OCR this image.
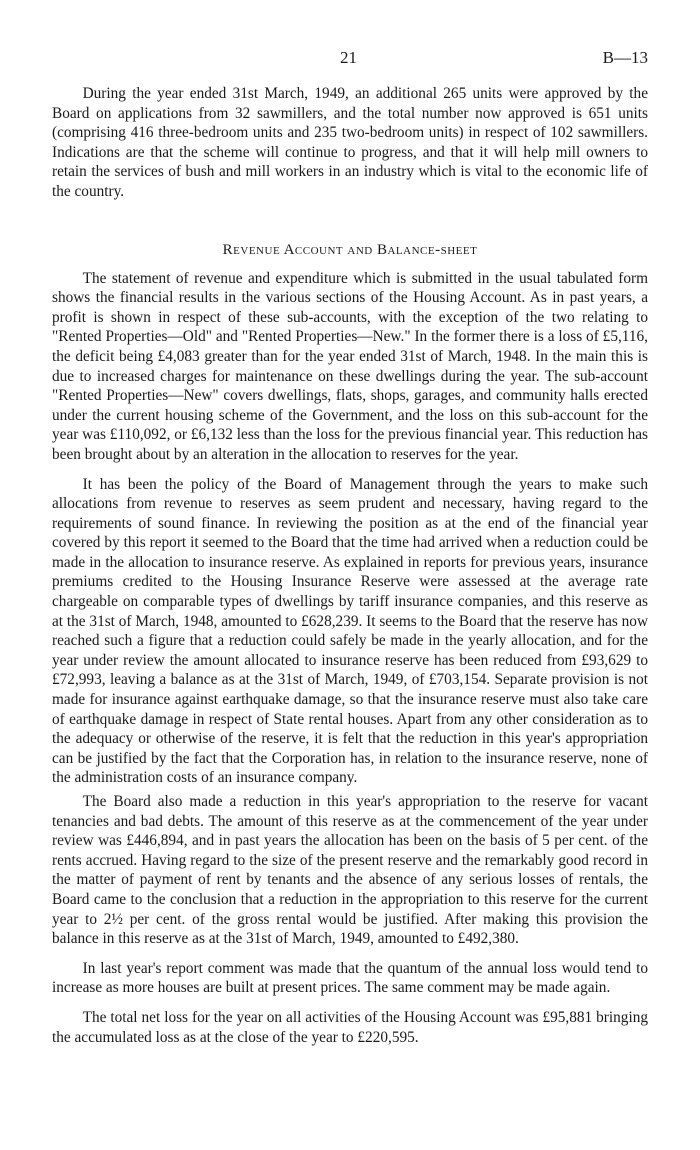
21	B—13

During the year ended 31st March, 1949, an additional 265 units were approved by the Board on applications from 32 sawmillers, and the total number now approved is 651 units (comprising 416 three-bedroom units and 235 two-bedroom units) in respect of 102 sawmillers. Indications are that the scheme will continue to progress, and that it will help mill owners to retain the services of bush and mill workers in an industry which is vital to the economic life of the country.

Revenue Account and Balance-sheet

The statement of revenue and expenditure which is submitted in the usual tabulated form shows the financial results in the various sections of the Housing Account. As in past years, a profit is shown in respect of these sub-accounts, with the exception of the two relating to "Rented Properties—Old" and "Rented Properties—New." In the former there is a loss of £5,116, the deficit being £4,083 greater than for the year ended 31st of March, 1948. In the main this is due to increased charges for maintenance on these dwellings during the year. The sub-account "Rented Properties—New" covers dwellings, flats, shops, garages, and community halls erected under the current housing scheme of the Government, and the loss on this sub-account for the year was £110,092, or £6,132 less than the loss for the previous financial year. This reduction has been brought about by an alteration in the allocation to reserves for the year.

It has been the policy of the Board of Management through the years to make such allocations from revenue to reserves as seem prudent and necessary, having regard to the requirements of sound finance. In reviewing the position as at the end of the financial year covered by this report it seemed to the Board that the time had arrived when a reduction could be made in the allocation to insurance reserve. As explained in reports for previous years, insurance premiums credited to the Housing Insurance Reserve were assessed at the average rate chargeable on comparable types of dwellings by tariff insurance companies, and this reserve as at the 31st of March, 1948, amounted to £628,239. It seems to the Board that the reserve has now reached such a figure that a reduction could safely be made in the yearly allocation, and for the year under review the amount allocated to insurance reserve has been reduced from £93,629 to £72,993, leaving a balance as at the 31st of March, 1949, of £703,154. Separate provision is not made for insurance against earthquake damage, so that the insurance reserve must also take care of earthquake damage in respect of State rental houses. Apart from any other consideration as to the adequacy or otherwise of the reserve, it is felt that the reduction in this year's appropriation can be justified by the fact that the Corporation has, in relation to the insurance reserve, none of the administration costs of an insurance company.

The Board also made a reduction in this year's appropriation to the reserve for vacant tenancies and bad debts. The amount of this reserve as at the commencement of the year under review was £446,894, and in past years the allocation has been on the basis of 5 per cent. of the rents accrued. Having regard to the size of the present reserve and the remarkably good record in the matter of payment of rent by tenants and the absence of any serious losses of rentals, the Board came to the conclusion that a reduction in the appropriation to this reserve for the current year to 2½ per cent. of the gross rental would be justified. After making this provision the balance in this reserve as at the 31st of March, 1949, amounted to £492,380.

In last year's report comment was made that the quantum of the annual loss would tend to increase as more houses are built at present prices. The same comment may be made again.

The total net loss for the year on all activities of the Housing Account was £95,881 bringing the accumulated loss as at the close of the year to £220,595.
